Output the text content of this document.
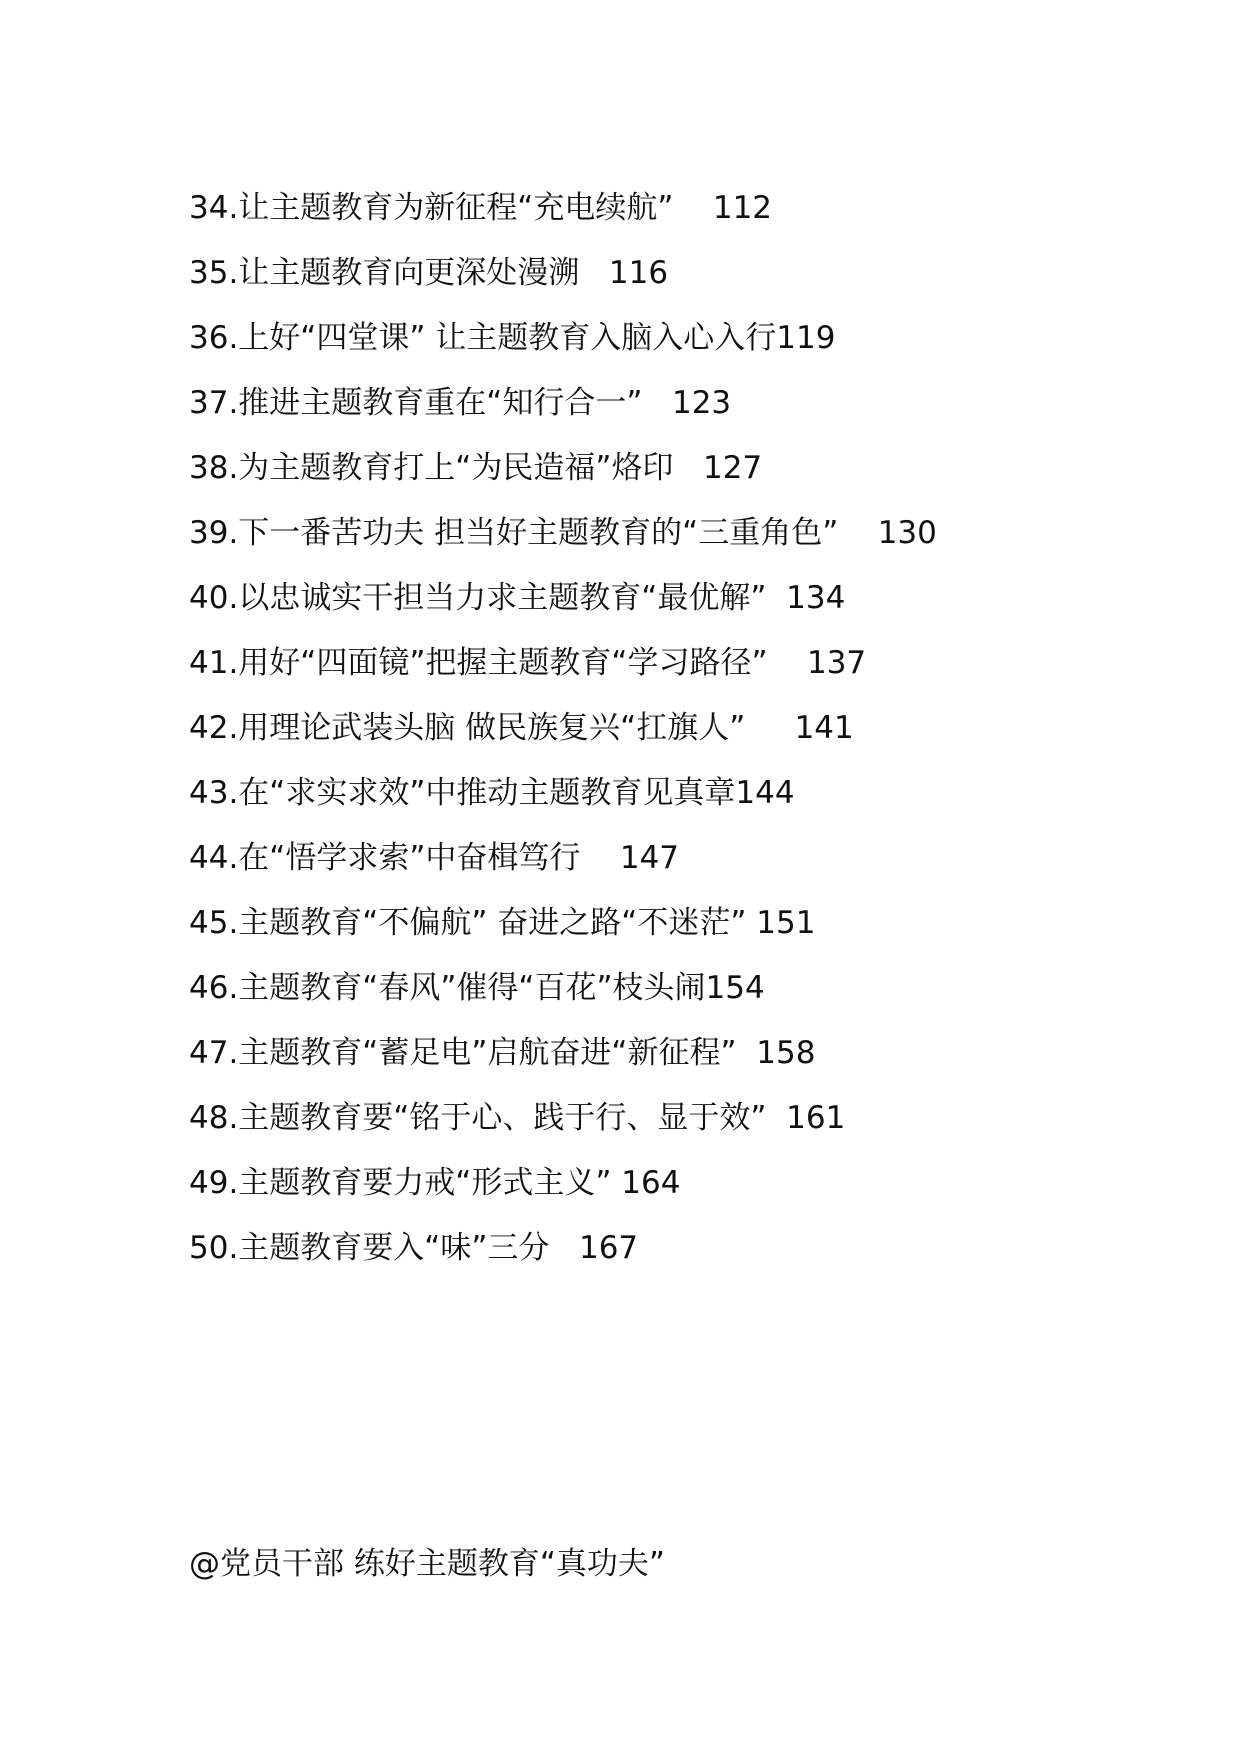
34.让主题教育为新征程“充电续航”
112
35.让主题教育向更深处漫溯
116
36.上好“四堂课” 让主题教育入脑入心入行 119
37.推进主题教育重在“知行合一”
123
38.为主题教育打上“为民造福”烙印
127
39.下一番苦功夫 担当好主题教育的“三重角色”
130
40.以忠诚实干担当力求主题教育“最优解”
134
41.用好“四面镜”把握主题教育“学习路径”
137
42.用理论武装头脑 做民族复兴“扛旗人”
141
43.在“求实求效”中推动主题教育见真章 144
44.在“悟学求索”中奋楫笃行
147
45.主题教育“不偏航” 奋进之路“不迷茫”
151
46.主题教育“春风”催得“百花”枝头闹 154
47.主题教育“蓄足电”启航奋进“新征程”
158
48.主题教育要“铭于心、践于行、显于效”
161
49.主题教育要力戒“形式主义”
164
50.主题教育要入“味”三分
167
@党员干部 练好主题教育“真功夫”
